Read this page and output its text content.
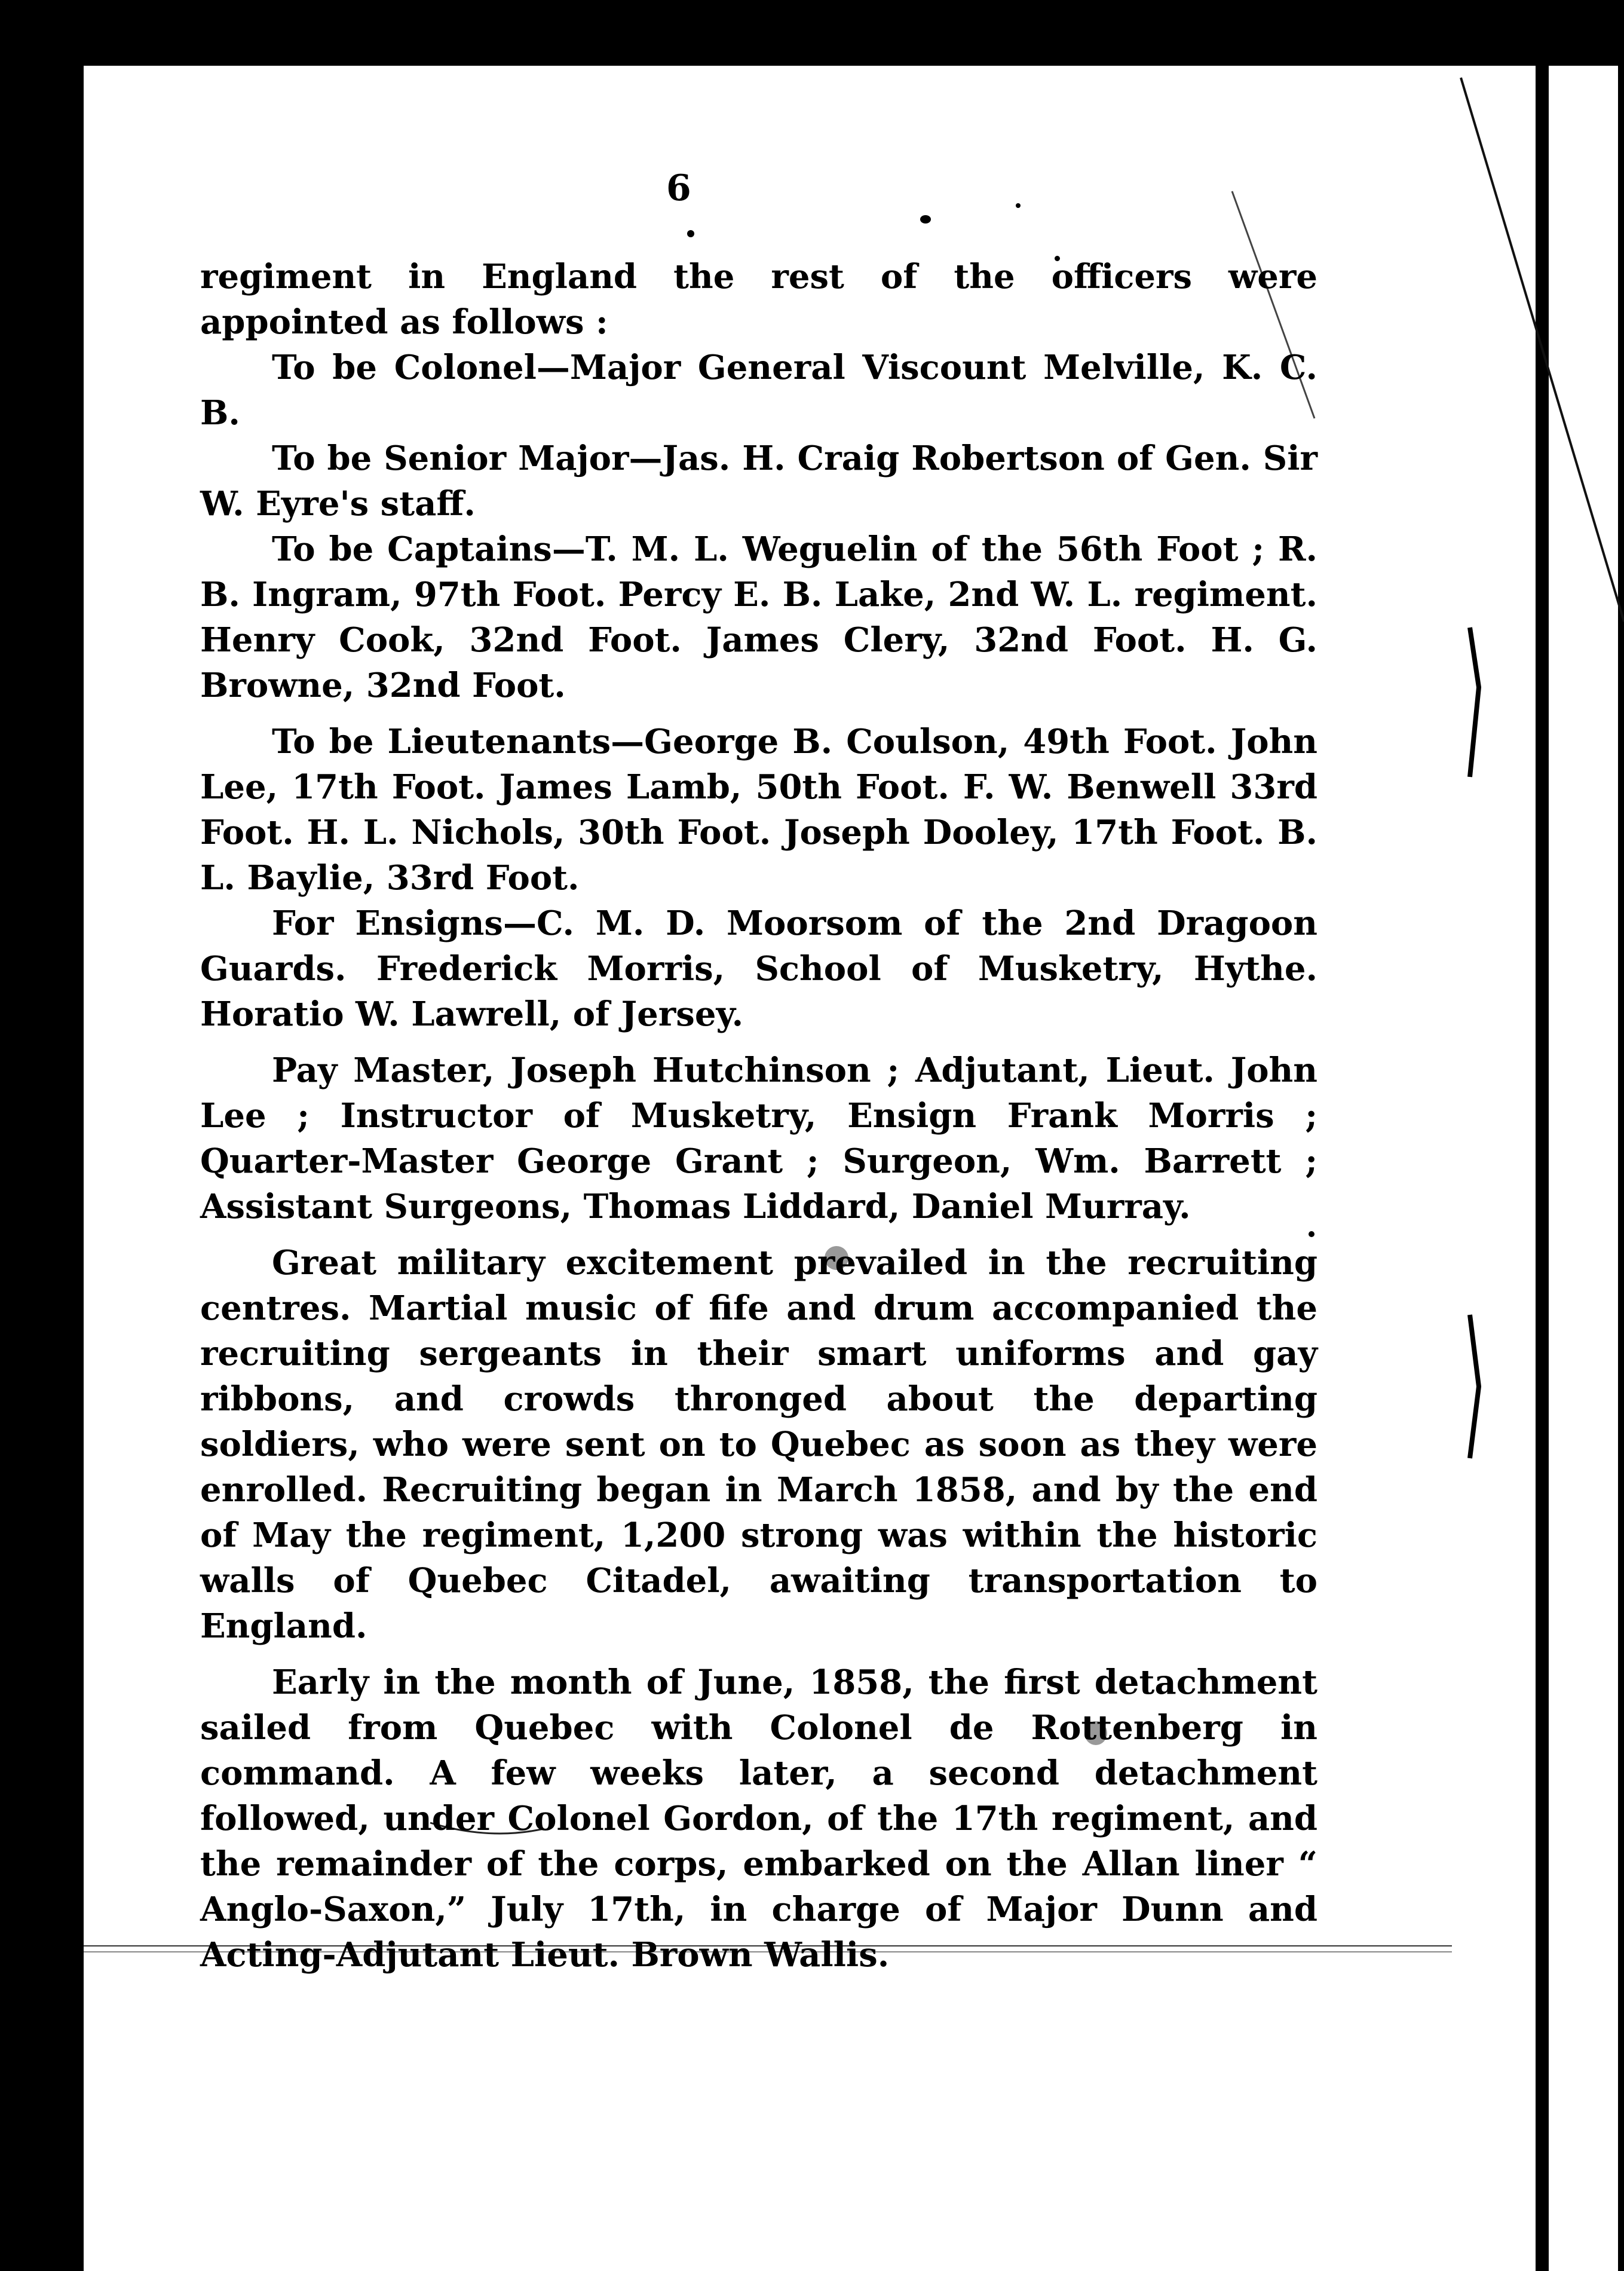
6

regiment in England the rest of the officers were appointed as follows :

To be Colonel—Major General Viscount Melville, K. C. B.

To be Senior Major—Jas. H. Craig Robertson of Gen. Sir W. Eyre's staff.

To be Captains—T. M. L. Weguelin of the 56th Foot ; R. B. Ingram, 97th Foot. Percy E. B. Lake, 2nd W. L. regiment. Henry Cook, 32nd Foot. James Clery, 32nd Foot. H. G. Browne, 32nd Foot.

To be Lieutenants—George B. Coulson, 49th Foot. John Lee, 17th Foot. James Lamb, 50th Foot. F. W. Benwell 33rd Foot. H. L. Nichols, 30th Foot. Joseph Dooley, 17th Foot. B. L. Baylie, 33rd Foot.

For Ensigns—C. M. D. Moorsom of the 2nd Dragoon Guards. Frederick Morris, School of Musketry, Hythe. Horatio W. Lawrell, of Jersey.

Pay Master, Joseph Hutchinson ; Adjutant, Lieut. John Lee ; Instructor of Musketry, Ensign Frank Morris ; Quarter-Master George Grant ; Surgeon, Wm. Barrett ; Assistant Surgeons, Thomas Liddard, Daniel Murray.

Great military excitement prevailed in the recruiting centres. Martial music of fife and drum accompanied the recruiting sergeants in their smart uniforms and gay ribbons, and crowds thronged about the departing soldiers, who were sent on to Quebec as soon as they were enrolled. Recruiting began in March 1858, and by the end of May the regiment, 1,200 strong was within the historic walls of Quebec Citadel, awaiting transportation to England.

Early in the month of June, 1858, the first detachment sailed from Quebec with Colonel de Rottenberg in command. A few weeks later, a second detachment followed, under Colonel Gordon, of the 17th regiment, and the remainder of the corps, embarked on the Allan liner “ Anglo-Saxon,” July 17th, in charge of Major Dunn and Acting-Adjutant Lieut. Brown Wallis.
